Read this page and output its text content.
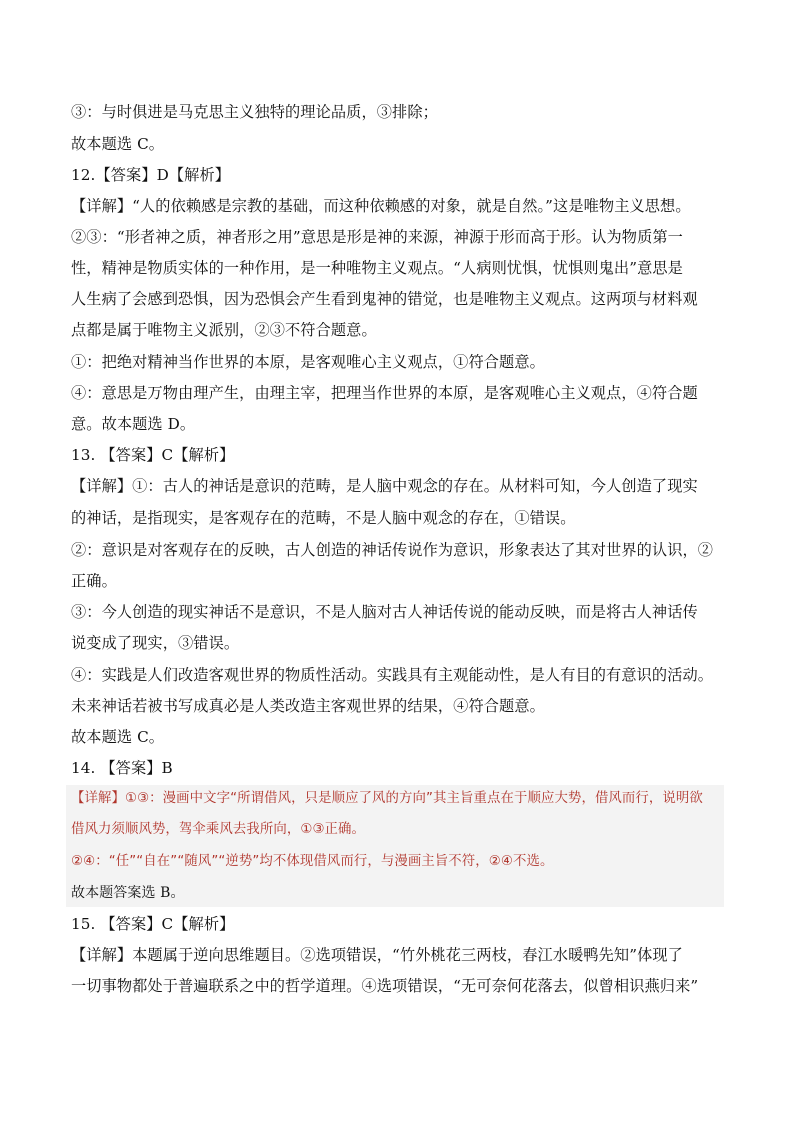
③：与时俱进是马克思主义独特的理论品质，③排除；
故本题选 C。
12.【答案】D【解析】
【详解】“人的依赖感是宗教的基础，而这种依赖感的对象，就是自然。”这是唯物主义思想。
②③：“形者神之质，神者形之用”意思是形是神的来源，神源于形而高于形。认为物质第一
性，精神是物质实体的一种作用，是一种唯物主义观点。“人病则忧惧，忧惧则鬼出”意思是
人生病了会感到恐惧，因为恐惧会产生看到鬼神的错觉，也是唯物主义观点。这两项与材料观
点都是属于唯物主义派别，②③不符合题意。
①：把绝对精神当作世界的本原，是客观唯心主义观点，①符合题意。
④：意思是万物由理产生，由理主宰，把理当作世界的本原，是客观唯心主义观点，④符合题
意。故本题选 D。
13. 【答案】C【解析】
【详解】①：古人的神话是意识的范畴，是人脑中观念的存在。从材料可知，今人创造了现实
的神话，是指现实，是客观存在的范畴，不是人脑中观念的存在，①错误。
②：意识是对客观存在的反映，古人创造的神话传说作为意识，形象表达了其对世界的认识，②
正确。
③：今人创造的现实神话不是意识，不是人脑对古人神话传说的能动反映，而是将古人神话传
说变成了现实，③错误。
④：实践是人们改造客观世界的物质性活动。实践具有主观能动性，是人有目的有意识的活动。
未来神话若被书写成真必是人类改造主客观世界的结果，④符合题意。
故本题选 C。
14. 【答案】B
【详解】①③：漫画中文字“所谓借风，只是顺应了风的方向”其主旨重点在于顺应大势，借风而行，说明欲
借风力须顺风势，驾伞乘风去我所向，①③正确。
②④：“任”“自在”“随风”“逆势”均不体现借风而行，与漫画主旨不符，②④不选。
故本题答案选 B。
15. 【答案】C【解析】
【详解】本题属于逆向思维题目。②选项错误，“竹外桃花三两枝，春江水暖鸭先知”体现了
一切事物都处于普遍联系之中的哲学道理。④选项错误，“无可奈何花落去，似曾相识燕归来”
